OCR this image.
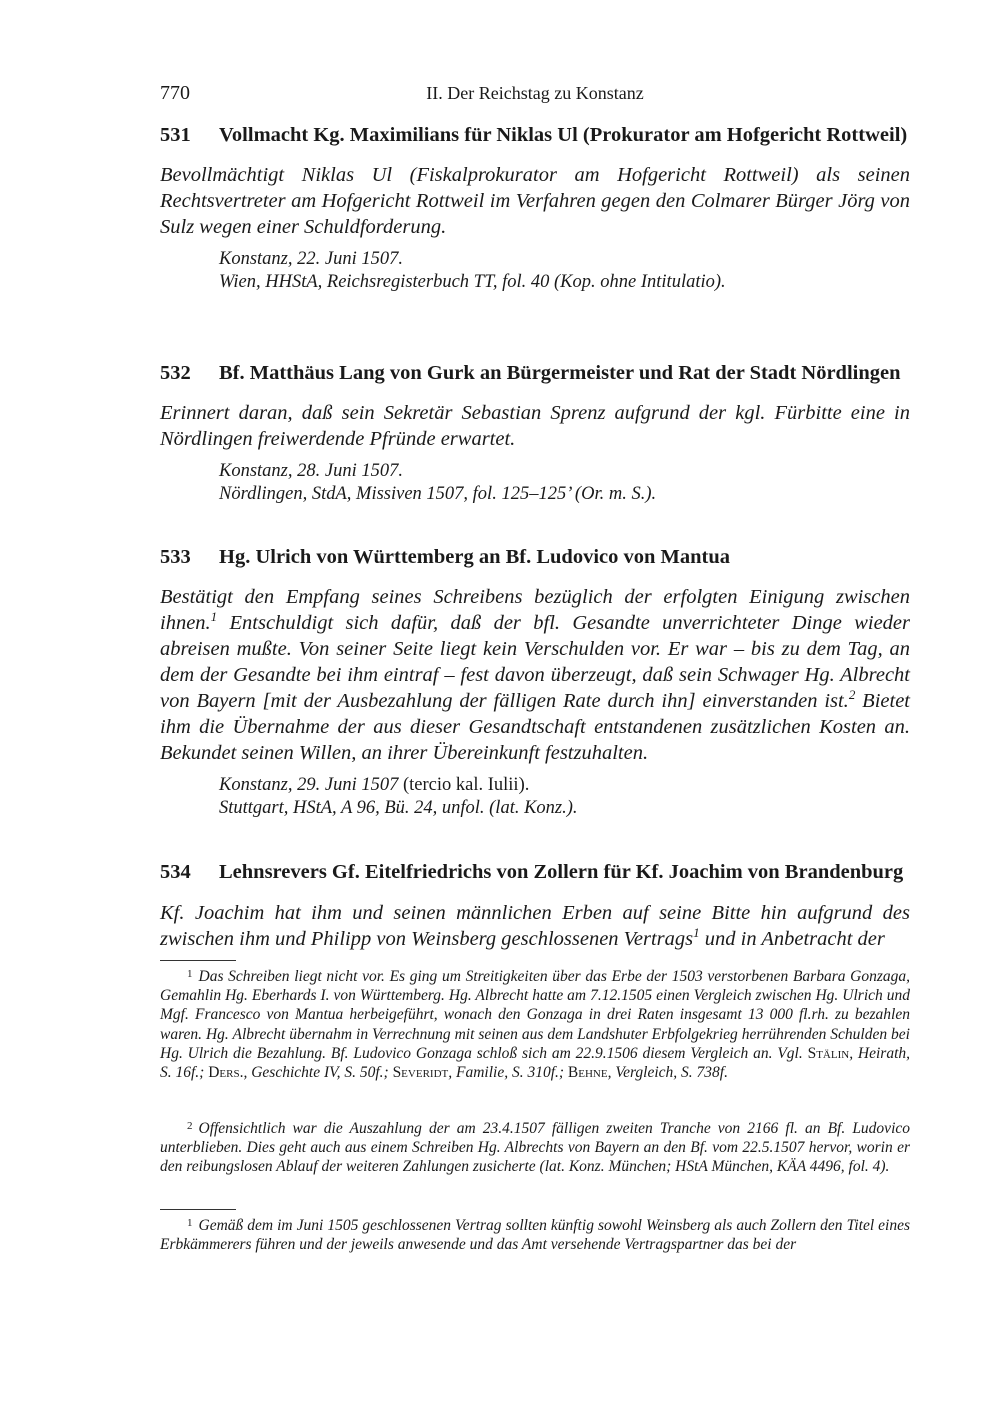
770	II. Der Reichstag zu Konstanz
531	Vollmacht Kg. Maximilians für Niklas Ul (Prokurator am Hofgericht Rottweil)
Bevollmächtigt Niklas Ul (Fiskalprokurator am Hofgericht Rottweil) als seinen Rechtsvertreter am Hofgericht Rottweil im Verfahren gegen den Colmarer Bürger Jörg von Sulz wegen einer Schuldforderung.
Konstanz, 22. Juni 1507.
Wien, HHStA, Reichsregisterbuch TT, fol. 40 (Kop. ohne Intitulatio).
532	Bf. Matthäus Lang von Gurk an Bürgermeister und Rat der Stadt Nördlingen
Erinnert daran, daß sein Sekretär Sebastian Sprenz aufgrund der kgl. Fürbitte eine in Nördlingen freiwerdende Pfründe erwartet.
Konstanz, 28. Juni 1507.
Nördlingen, StdA, Missiven 1507, fol. 125–125’ (Or. m. S.).
533	Hg. Ulrich von Württemberg an Bf. Ludovico von Mantua
Bestätigt den Empfang seines Schreibens bezüglich der erfolgten Einigung zwischen ihnen.$^1$ Entschuldigt sich dafür, daß der bfl. Gesandte unverrichteter Dinge wieder abreisen mußte. Von seiner Seite liegt kein Verschulden vor. Er war – bis zu dem Tag, an dem der Gesandte bei ihm eintraf – fest davon überzeugt, daß sein Schwager Hg. Albrecht von Bayern [mit der Ausbezahlung der fälligen Rate durch ihn] einverstanden ist.$^2$ Bietet ihm die Übernahme der aus dieser Gesandtschaft entstandenen zusätzlichen Kosten an. Bekundet seinen Willen, an ihrer Übereinkunft festzuhalten.
Konstanz, 29. Juni 1507 (tercio kal. Iulii).
Stuttgart, HStA, A 96, Bü. 24, unfol. (lat. Konz.).
534	Lehnsrevers Gf. Eitelfriedrichs von Zollern für Kf. Joachim von Brandenburg
Kf. Joachim hat ihm und seinen männlichen Erben auf seine Bitte hin aufgrund des zwischen ihm und Philipp von Weinsberg geschlossenen Vertrags$^1$ und in Anbetracht der
$^1$ Das Schreiben liegt nicht vor. Es ging um Streitigkeiten über das Erbe der 1503 verstorbenen Barbara Gonzaga, Gemahlin Hg. Eberhards I. von Württemberg. Hg. Albrecht hatte am 7.12.1505 einen Vergleich zwischen Hg. Ulrich und Mgf. Francesco von Mantua herbeigeführt, wonach den Gonzaga in drei Raten insgesamt 13 000 fl.rh. zu bezahlen waren. Hg. Albrecht übernahm in Verrechnung mit seinen aus dem Landshuter Erbfolgekrieg herrührenden Schulden bei Hg. Ulrich die Bezahlung. Bf. Ludovico Gonzaga schloß sich am 22.9.1506 diesem Vergleich an. Vgl. Stälin, Heirath, S. 16f.; Ders., Geschichte IV, S. 50f.; Severidt, Familie, S. 310f.; Behne, Vergleich, S. 738f.
$^2$ Offensichtlich war die Auszahlung der am 23.4.1507 fälligen zweiten Tranche von 2166 fl. an Bf. Ludovico unterblieben. Dies geht auch aus einem Schreiben Hg. Albrechts von Bayern an den Bf. vom 22.5.1507 hervor, worin er den reibungslosen Ablauf der weiteren Zahlungen zusicherte (lat. Konz. München; HStA München, KÄA 4496, fol. 4).
$^1$ Gemäß dem im Juni 1505 geschlossenen Vertrag sollten künftig sowohl Weinsberg als auch Zollern den Titel eines Erbkämmerers führen und der jeweils anwesende und das Amt versehende Vertragspartner das bei der
